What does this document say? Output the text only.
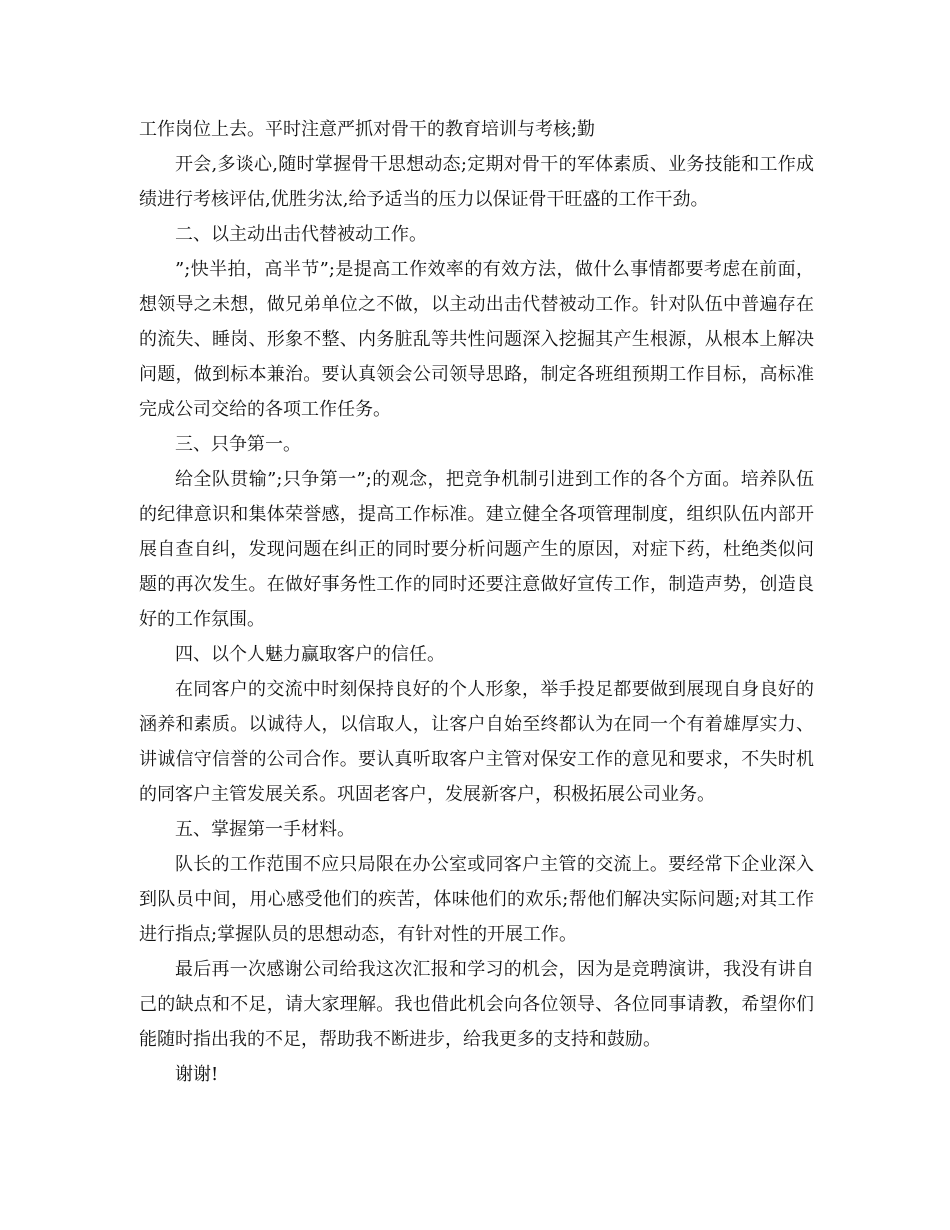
工作岗位上去。平时注意严抓对骨干的教育培训与考核;勤

开会,多谈心,随时掌握骨干思想动态;定期对骨干的军体素质、业务技能和工作成绩进行考核评估,优胜劣汰,给予适当的压力以保证骨干旺盛的工作干劲。

二、以主动出击代替被动工作。

”;快半拍，高半节”;是提高工作效率的有效方法，做什么事情都要考虑在前面，想领导之未想，做兄弟单位之不做，以主动出击代替被动工作。针对队伍中普遍存在的流失、睡岗、形象不整、内务脏乱等共性问题深入挖掘其产生根源，从根本上解决问题，做到标本兼治。要认真领会公司领导思路，制定各班组预期工作目标，高标准完成公司交给的各项工作任务。

三、只争第一。

给全队贯输”;只争第一”;的观念，把竞争机制引进到工作的各个方面。培养队伍的纪律意识和集体荣誉感，提高工作标准。建立健全各项管理制度，组织队伍内部开展自查自纠，发现问题在纠正的同时要分析问题产生的原因，对症下药，杜绝类似问题的再次发生。在做好事务性工作的同时还要注意做好宣传工作，制造声势，创造良好的工作氛围。

四、以个人魅力赢取客户的信任。

在同客户的交流中时刻保持良好的个人形象，举手投足都要做到展现自身良好的涵养和素质。以诚待人，以信取人，让客户自始至终都认为在同一个有着雄厚实力、讲诚信守信誉的公司合作。要认真听取客户主管对保安工作的意见和要求，不失时机的同客户主管发展关系。巩固老客户，发展新客户，积极拓展公司业务。

五、掌握第一手材料。

队长的工作范围不应只局限在办公室或同客户主管的交流上。要经常下企业深入到队员中间，用心感受他们的疾苦，体味他们的欢乐;帮他们解决实际问题;对其工作进行指点;掌握队员的思想动态，有针对性的开展工作。

最后再一次感谢公司给我这次汇报和学习的机会，因为是竞聘演讲，我没有讲自己的缺点和不足，请大家理解。我也借此机会向各位领导、各位同事请教，希望你们能随时指出我的不足，帮助我不断进步，给我更多的支持和鼓励。

谢谢!
